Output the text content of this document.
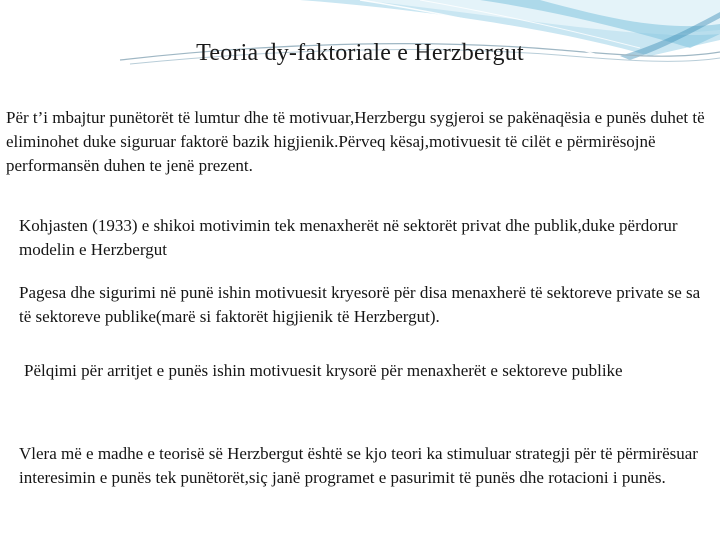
Teoria dy-faktoriale e Herzbergut

Për t’i mbajtur punëtorët të lumtur dhe të motivuar,Herzbergu sygjeroi se pakënaqësia e punës duhet të eliminohet duke siguruar faktorë bazik higjienik.Përveq kësaj,motivuesit të cilët e përmirësojnë performansën duhen te jenë prezent.

Kohjasten (1933) e shikoi motivimin tek menaxherët në sektorët privat dhe publik,duke përdorur modelin e Herzbergut

Pagesa dhe sigurimi në punë ishin motivuesit kryesorë për disa menaxherë të sektoreve private se sa të sektoreve publike(marë si faktorët higjienik të Herzbergut).

Pëlqimi për arritjet e punës ishin motivuesit krysorë për menaxherët e sektoreve publike

Vlera më e madhe e teorisë së Herzbergut është se kjo teori ka stimuluar strategji për të përmirësuar interesimin e punës tek punëtorët,siç janë programet e pasurimit të punës dhe rotacioni i punës.
